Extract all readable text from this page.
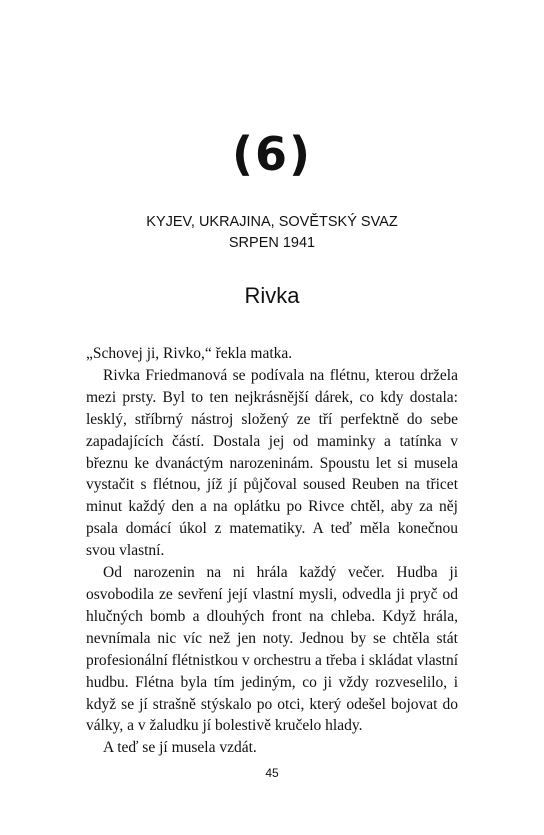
(6)
KYJEV, UKRAJINA, SOVĚTSKÝ SVAZ
SRPEN 1941
Rivka

„Schovej ji, Rivko,“ řekla matka.

Rivka Friedmanová se podívala na flétnu, kterou držela mezi prsty. Byl to ten nejkrásnější dárek, co kdy dostala: lesklý, stříbrný nástroj složený ze tří perfektně do sebe zapadajících částí. Dostala jej od maminky a tatínka v březnu ke dvanáctým narozeninám. Spoustu let si musela vystačit s flétnou, jíž jí půjčoval soused Reuben na třicet minut každý den a na oplátku po Rivce chtěl, aby za něj psala domácí úkol z matematiky. A teď měla konečnou svou vlastní.

Od narozenin na ni hrála každý večer. Hudba ji osvobodila ze sevření její vlastní mysli, odvedla ji pryč od hlučných bomb a dlouhých front na chleba. Když hrála, nevnímala nic víc než jen noty. Jednou by se chtěla stát profesionální flétnistkou v orchestru a třeba i skládat vlastní hudbu. Flétna byla tím jediným, co ji vždy rozveselilo, i když se jí strašně stýskalo po otci, který odešel bojovat do války, a v žaludku jí bolestivě kručelo hlady.

A teď se jí musela vzdát.

45
